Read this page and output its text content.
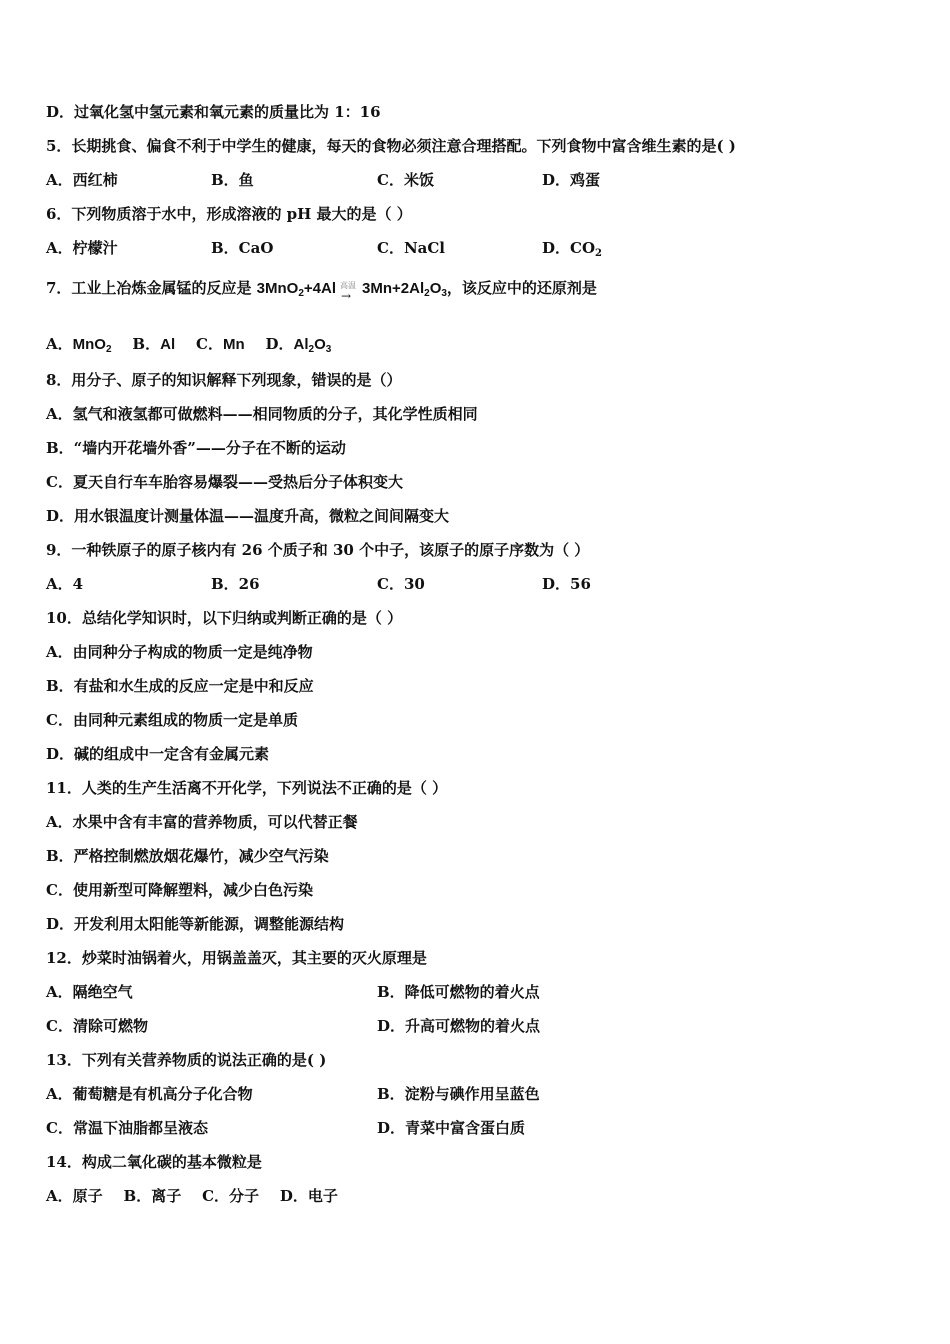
D．过氧化氢中氢元素和氧元素的质量比为 1：16
5．长期挑食、偏食不利于中学生的健康，每天的食物必须注意合理搭配。下列食物中富含维生素的是( )
A．西红柿	B．鱼	C．米饭	D．鸡蛋
6．下列物质溶于水中，形成溶液的 pH 最大的是（ ）
A．柠檬汁	B．CaO	C．NaCl	D．$CO_2$
7．工业上冶炼金属锰的反应是 3MnO$_2$+4Al 高温
→ $3Mn+2Al_2O_3$，该反应中的还原剂是
A．MnO$_2$ B．Al C．Mn D．$Al_2O_3$
8．用分子、原子的知识解释下列现象，错误的是（）
A．氢气和液氢都可做燃料——相同物质的分子，其化学性质相同
B．“墙内开花墙外香”——分子在不断的运动
C．夏天自行车车胎容易爆裂——受热后分子体积变大
D．用水银温度计测量体温——温度升高，微粒之间间隔变大
9．一种铁原子的原子核内有 26 个质子和 30 个中子，该原子的原子序数为（ ）
A．4	B．26	C．30	D．56
10．总结化学知识时，以下归纳或判断正确的是（ ）
A．由同种分子构成的物质一定是纯净物
B．有盐和水生成的反应一定是中和反应
C．由同种元素组成的物质一定是单质
D．碱的组成中一定含有金属元素
11．人类的生产生活离不开化学，下列说法不正确的是（ ）
A．水果中含有丰富的营养物质，可以代替正餐
B．严格控制燃放烟花爆竹，减少空气污染
C．使用新型可降解塑料，减少白色污染
D．开发利用太阳能等新能源，调整能源结构
12．炒菜时油锅着火，用锅盖盖灭，其主要的灭火原理是
A．隔绝空气	B．降低可燃物的着火点
C．清除可燃物	D．升高可燃物的着火点
13．下列有关营养物质的说法正确的是( )
A．葡萄糖是有机高分子化合物	B．淀粉与碘作用呈蓝色
C．常温下油脂都呈液态	D．青菜中富含蛋白质
14．构成二氧化碳的基本微粒是
A．原子    B．离子    C．分子    D．电子
